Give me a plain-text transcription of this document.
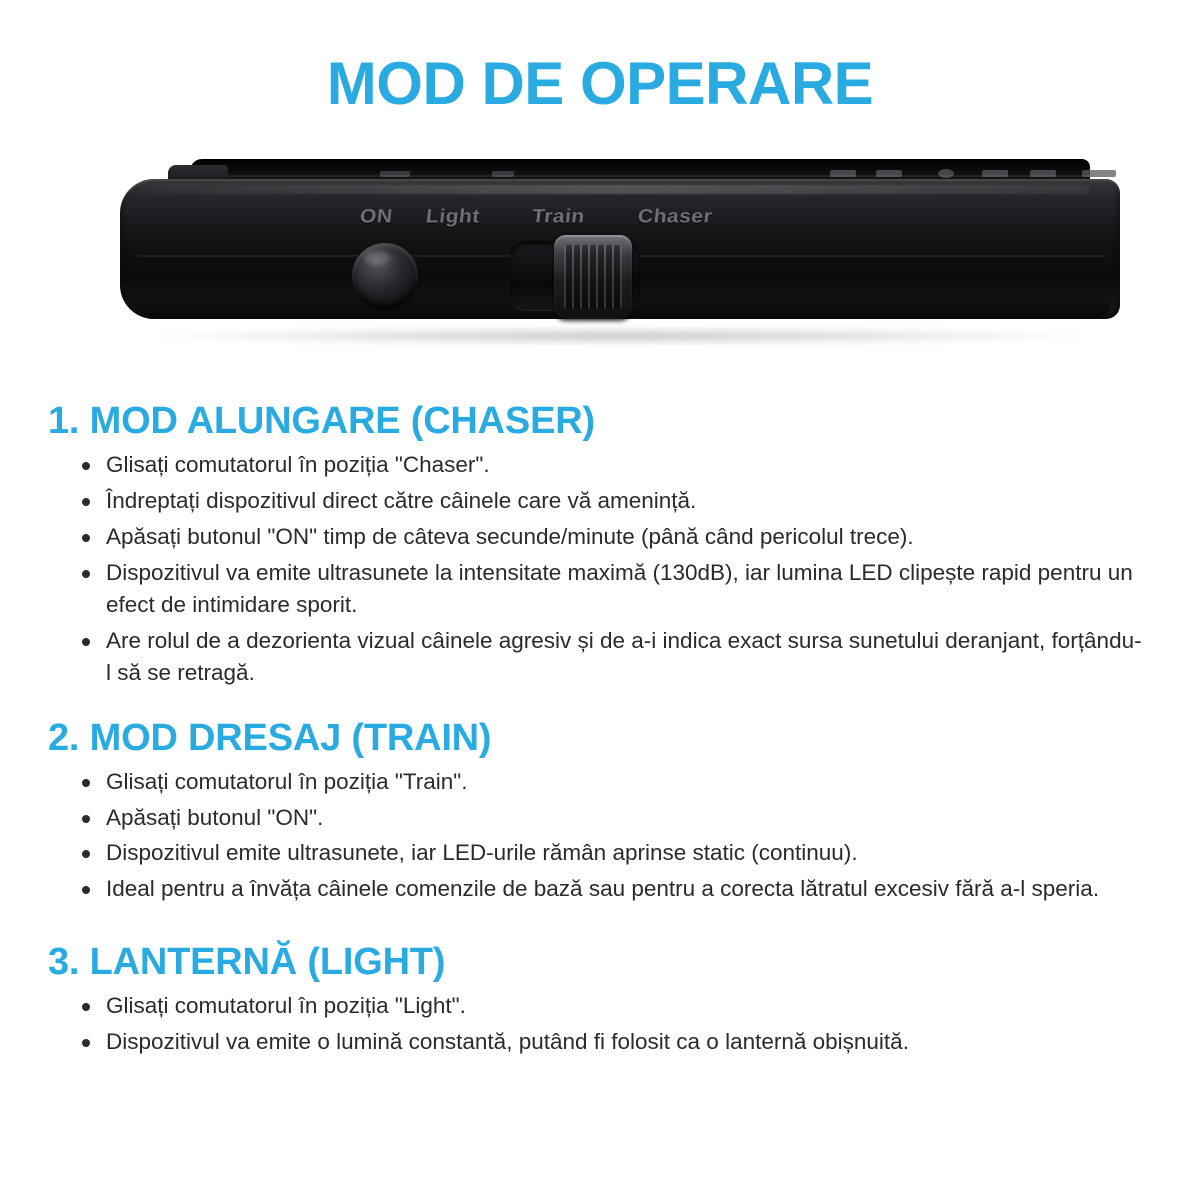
MOD DE OPERARE
ON Light Train Chaser
1. MOD ALUNGARE (CHASER)
Glisați comutatorul în poziția "Chaser".
Îndreptați dispozitivul direct către câinele care vă amenință.
Apăsați butonul "ON" timp de câteva secunde/minute (până când pericolul trece).
Dispozitivul va emite ultrasunete la intensitate maximă (130dB), iar lumina LED clipește rapid pentru un efect de intimidare sporit.
Are rolul de a dezorienta vizual câinele agresiv și de a-i indica exact sursa sunetului deranjant, forțându-l să se retragă.
2. MOD DRESAJ (TRAIN)
Glisați comutatorul în poziția "Train".
Apăsați butonul "ON".
Dispozitivul emite ultrasunete, iar LED-urile rămân aprinse static (continuu).
Ideal pentru a învăța câinele comenzile de bază sau pentru a corecta lătratul excesiv fără a-l speria.
3. LANTERNĂ (LIGHT)
Glisați comutatorul în poziția "Light".
Dispozitivul va emite o lumină constantă, putând fi folosit ca o lanternă obișnuită.
